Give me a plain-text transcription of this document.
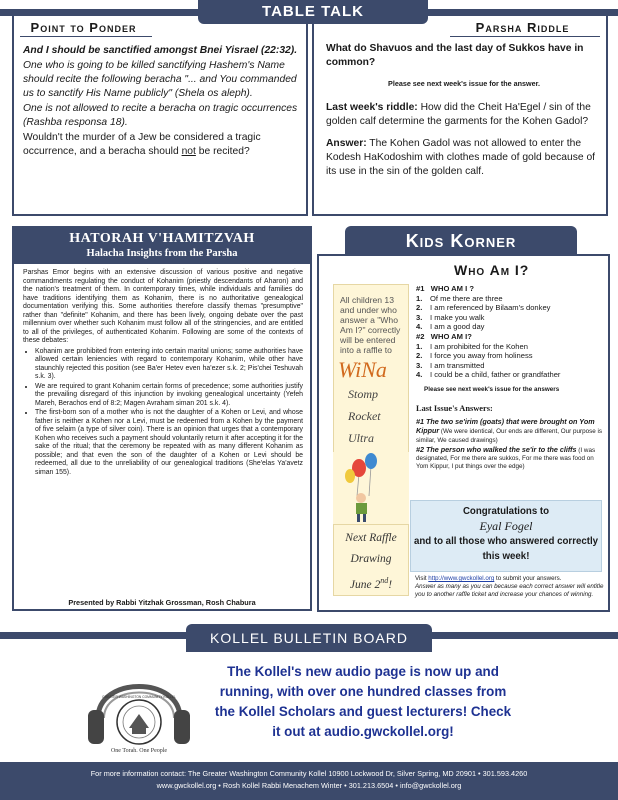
TABLE TALK
Point to Ponder

And I should be sanctified amongst Bnei Yisrael (22:32).

One who is going to be killed sanctifying Hashem's Name should recite the following beracha "... and You commanded us to sanctify His Name publicly" (Shela os aleph).

One is not allowed to recite a beracha on tragic occurrences (Rashba responsa 18).

Wouldn't the murder of a Jew be considered a tragic occurrence, and a beracha should not be recited?

Parsha Riddle
What do Shavuos and the last day of Sukkos have in common?
Please see next week's issue for the answer.
Last week's riddle: How did the Cheit Ha'Egel / sin of the golden calf determine the garments for the Kohen Gadol?
Answer: The Kohen Gadol was not allowed to enter the Kodesh HaKodoshim with clothes made of gold because of its use in the sin of the golden calf.
HATORAH V'HAMITZVAH
Halacha Insights from the Parsha

Parshas Emor begins with an extensive discussion of various positive and negative commandments regulating the conduct of Kohanim (priestly descendants of Aharon) and the nation's treatment of them. In contemporary times, while individuals and families do have traditions identifying them as Kohanim, there is no authoritative genealogical documentation verifying this. Some authorities therefore classify themas "presumptive" rather than "definite" Kohanim, and there has been lively, ongoing debate over the past millennium over whether such Kohanim must follow all of the stringencies, and are entitled to all of the privileges, of authenticated Kohanim. Following are some of the contexts of these debates:

• Kohanim are prohibited from entering into certain marital unions; some authorities have allowed certain leniencies with regard to contemporary Kohanim, while other have staunchly rejected this position (see Ba'er Hetev even ha'ezer s.k. 2; Pis'chei Teshuvah s.k. 3).
• We are required to grant Kohanim certain forms of precedence; some authorities justify the prevailing disregard of this injunction by invoking genealogical uncertainty (Yefeh Mareh, Berachos end of 8:2; Magen Avraham siman 201 s.k. 4).
• The first-born son of a mother who is not the daughter of a Kohen or Levi, and whose father is neither a Kohen nor a Levi, must be redeemed from a Kohen by the payment of five selaim (a type of silver coin). There is an opinion that urges that a contemporary Kohen who receives such a payment should voluntarily return it after accepting it for the sake of the ritual; that the ceremony be repeated with as many different Kohanim as possible; and that even the son of the daughter of a Kohen or Levi should be redeemed, all due to the unreliability of our genealogical traditions (She'elas Ya'avetz siman 155).
Presented by Rabbi Yitzhak Grossman, Rosh Chabura
Kids Korner
Who Am I?
All children 13 and under who answer a "Who Am I?" correctly will be entered into a raffle to
WiNa
Stomp
Rocket
Ultra
Next Raffle
Drawing
June 2nd!
#1 WHO AM I ?
1.	Of me there are three
2.	I am referenced by Bilaam's donkey
3.	I make you walk
4.	I am a good day
#2 WHO AM I?
1.	I am prohibited for the Kohen
2.	I force you away from holiness
3.	I am transmitted
4.	I could be a child, father or grandfather
Please see next week's issue for the answers
Last Issue's Answers:
#1 The two se'irim (goats) that were brought on Yom Kippur (We were identical, Our ends are different, Our purpose is similar, We caused drawings)
#2 The person who walked the se'ir to the cliffs (I was designated, For me there are sukkos, For me there was food on Yom Kippur, I put things over the edge)
Congratulations to
Eyal Fogel
and to all those who answered correctly this week!
Visit http://www.gwckollel.org to submit your answers.
Answer as many as you can because each correct answer will entitle you to another raffle ticket and increase your chances of winning.
KOLLEL BULLETIN BOARD
One Torah. One People
GREATER WASHINGTON COMMUNITY KOLLEL
The Kollel's new audio page is now up and running, with over one hundred classes from the Kollel Scholars and guest lecturers! Check it out at audio.gwckollel.org!
For more information contact: The Greater Washington Community Kollel 10900 Lockwood Dr, Silver Spring, MD 20901 • 301.593.4260
www.gwckollel.org • Rosh Kollel Rabbi Menachem Winter • 301.213.6504 • info@gwckollel.org
